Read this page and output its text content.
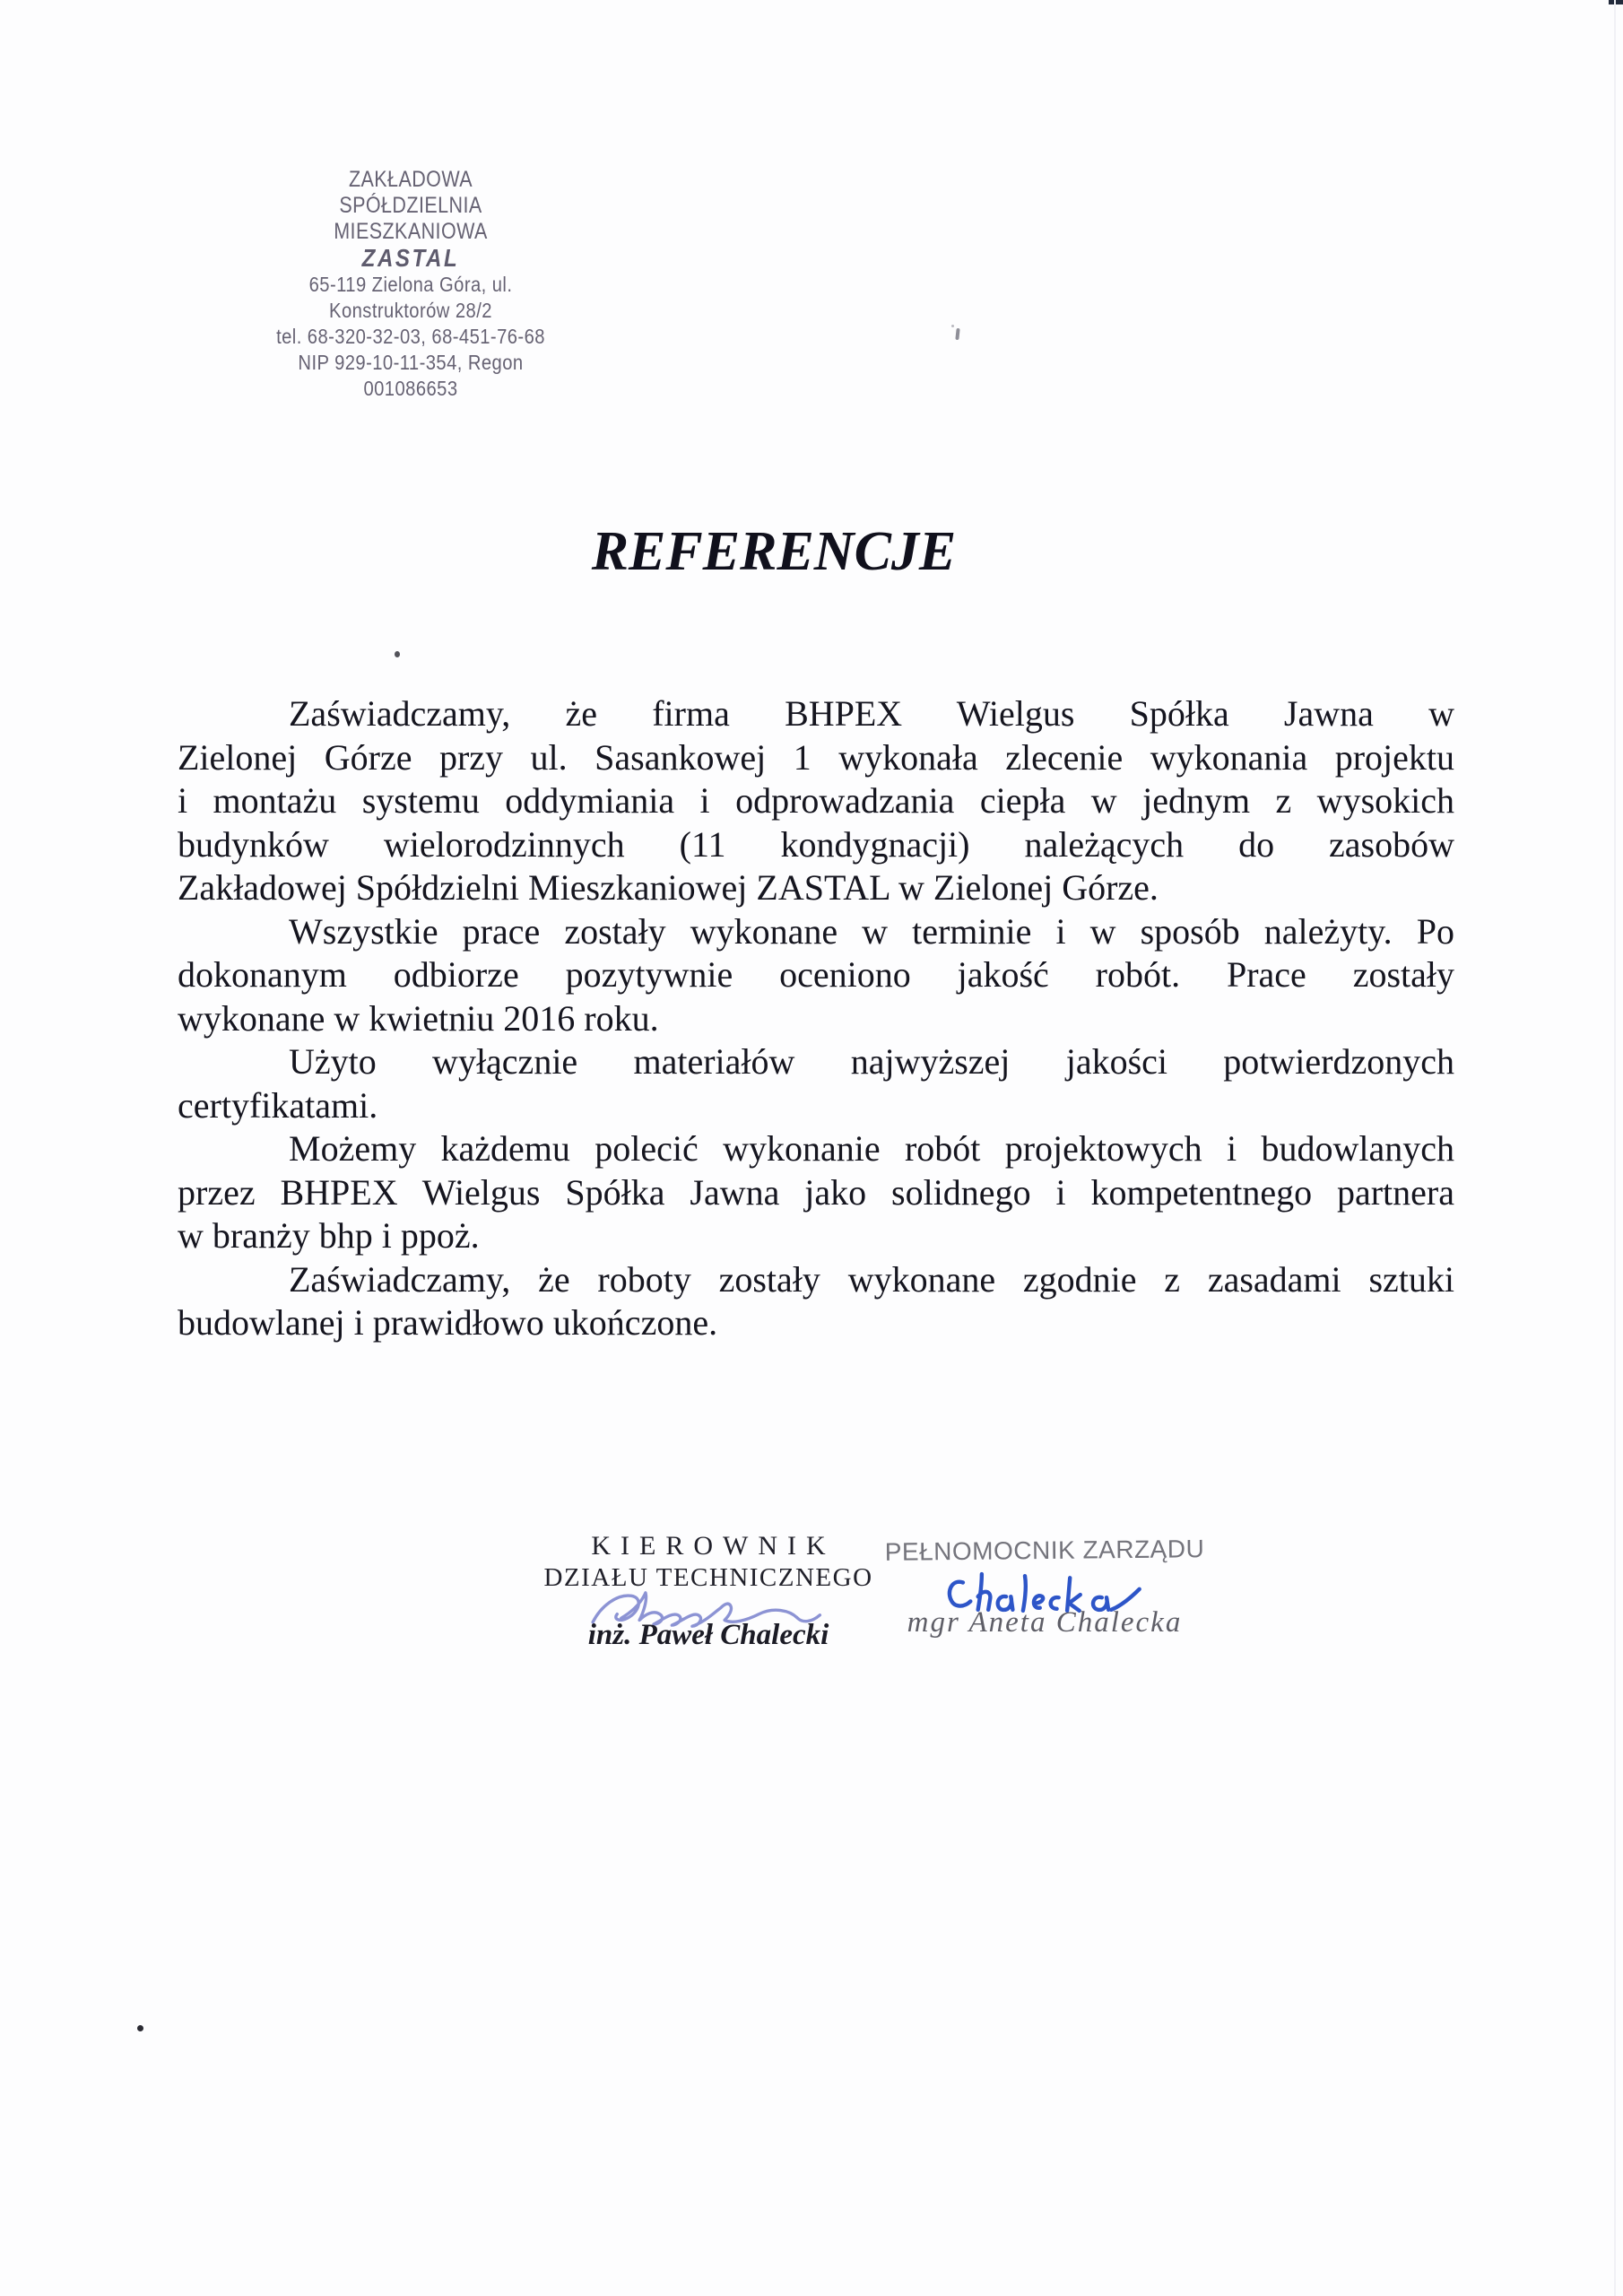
ZAKŁADOWA
SPÓŁDZIELNIA MIESZKANIOWA
ZASTAL
65-119 Zielona Góra, ul. Konstruktorów 28/2
tel. 68-320-32-03, 68-451-76-68
NIP 929-10-11-354, Regon 001086653
REFERENCJE
Zaświadczamy, że firma BHPEX Wielgus Spółka Jawna w
Zielonej Górze przy ul. Sasankowej 1 wykonała zlecenie wykonania projektu
i montażu systemu oddymiania i odprowadzania ciepła w jednym z wysokich
budynków wielorodzinnych (11 kondygnacji) należących do zasobów
Zakładowej Spółdzielni Mieszkaniowej ZASTAL w Zielonej Górze.
Wszystkie prace zostały wykonane w terminie i w sposób należyty. Po
dokonanym odbiorze pozytywnie oceniono jakość robót. Prace zostały
wykonane w kwietniu 2016 roku.
Użyto wyłącznie materiałów najwyższej jakości potwierdzonych
certyfikatami.
Możemy każdemu polecić wykonanie robót projektowych i budowlanych
przez BHPEX Wielgus Spółka Jawna jako solidnego i kompetentnego partnera
w branży bhp i ppoż.
Zaświadczamy, że roboty zostały wykonane zgodnie z zasadami sztuki
budowlanej i prawidłowo ukończone.
KIEROWNIK
DZIAŁU TECHNICZNEGO
inż. Paweł Chalecki
PEŁNOMOCNIK ZARZĄDU
mgr Aneta Chalecka
